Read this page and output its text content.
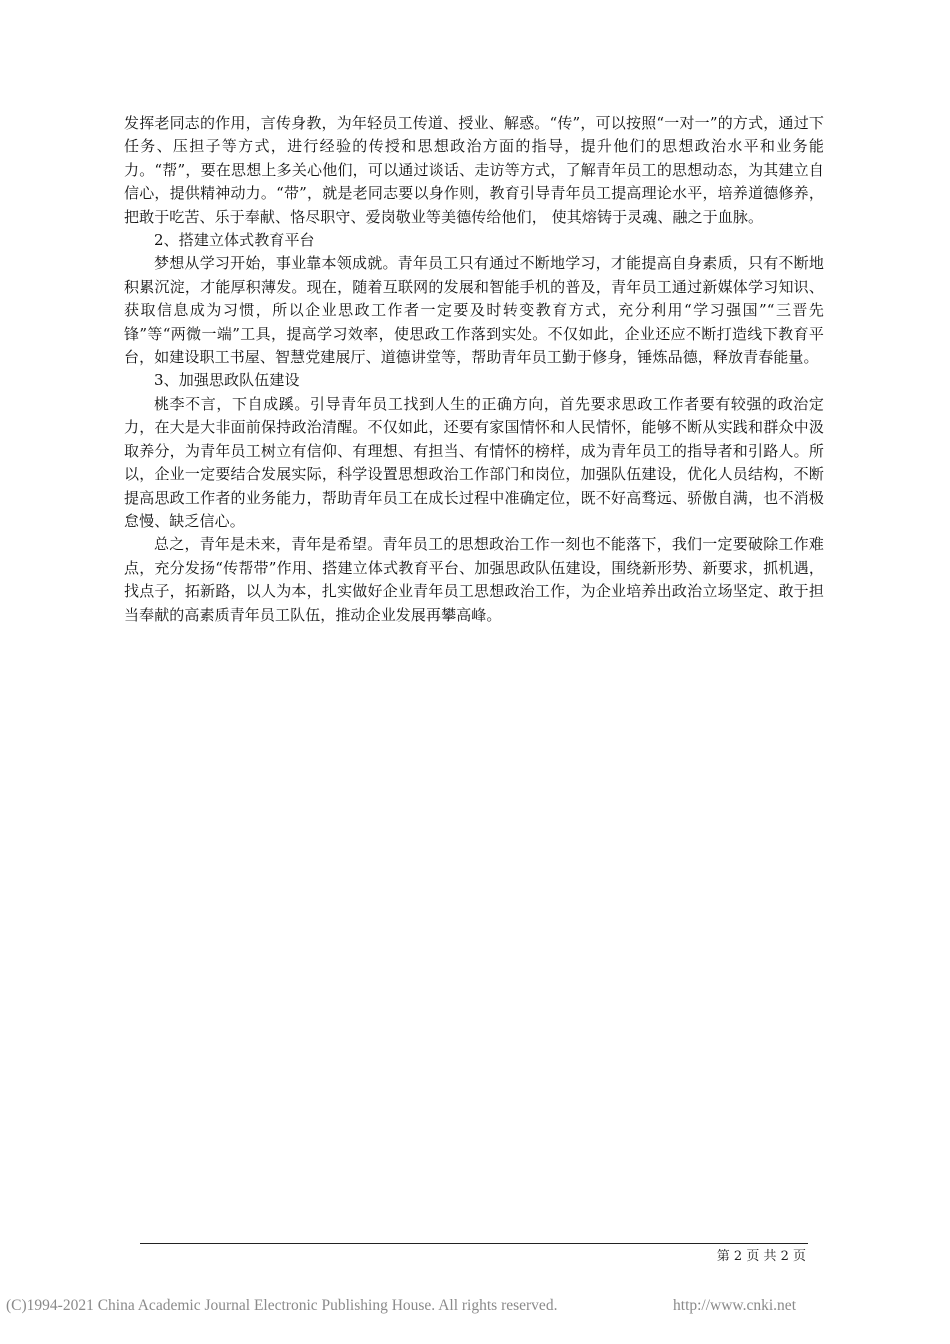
发挥老同志的作用，言传身教，为年轻员工传道、授业、解惑。“传”，可以按照“一对一”的方式，通过下任务、压担子等方式，进行经验的传授和思想政治方面的指导，提升他们的思想政治水平和业务能力。“帮”，要在思想上多关心他们，可以通过谈话、走访等方式，了解青年员工的思想动态，为其建立自信心，提供精神动力。“带”，就是老同志要以身作则，教育引导青年员工提高理论水平，培养道德修养，把敢于吃苦、乐于奉献、恪尽职守、爱岗敬业等美德传给他们， 使其熔铸于灵魂、融之于血脉。

2、搭建立体式教育平台

梦想从学习开始，事业靠本领成就。青年员工只有通过不断地学习，才能提高自身素质，只有不断地积累沉淀，才能厚积薄发。现在，随着互联网的发展和智能手机的普及，青年员工通过新媒体学习知识、获取信息成为习惯，所以企业思政工作者一定要及时转变教育方式，充分利用“学习强国”“三晋先锋”等“两微一端”工具，提高学习效率，使思政工作落到实处。不仅如此，企业还应不断打造线下教育平台，如建设职工书屋、智慧党建展厅、道德讲堂等，帮助青年员工勤于修身，锤炼品德，释放青春能量。

3、加强思政队伍建设

桃李不言，下自成蹊。引导青年员工找到人生的正确方向，首先要求思政工作者要有较强的政治定力，在大是大非面前保持政治清醒。不仅如此，还要有家国情怀和人民情怀，能够不断从实践和群众中汲取养分，为青年员工树立有信仰、有理想、有担当、有情怀的榜样，成为青年员工的指导者和引路人。所以，企业一定要结合发展实际，科学设置思想政治工作部门和岗位，加强队伍建设，优化人员结构，不断提高思政工作者的业务能力，帮助青年员工在成长过程中准确定位，既不好高骛远、骄傲自满，也不消极怠慢、缺乏信心。

总之，青年是未来，青年是希望。青年员工的思想政治工作一刻也不能落下，我们一定要破除工作难点，充分发扬“传帮带”作用、搭建立体式教育平台、加强思政队伍建设，围绕新形势、新要求，抓机遇，找点子，拓新路，以人为本，扎实做好企业青年员工思想政治工作，为企业培养出政治立场坚定、敢于担当奉献的高素质青年员工队伍，推动企业发展再攀高峰。

第 2 页 共 2 页
(C)1994-2021 China Academic Journal Electronic Publishing House. All rights reserved.	http://www.cnki.net
